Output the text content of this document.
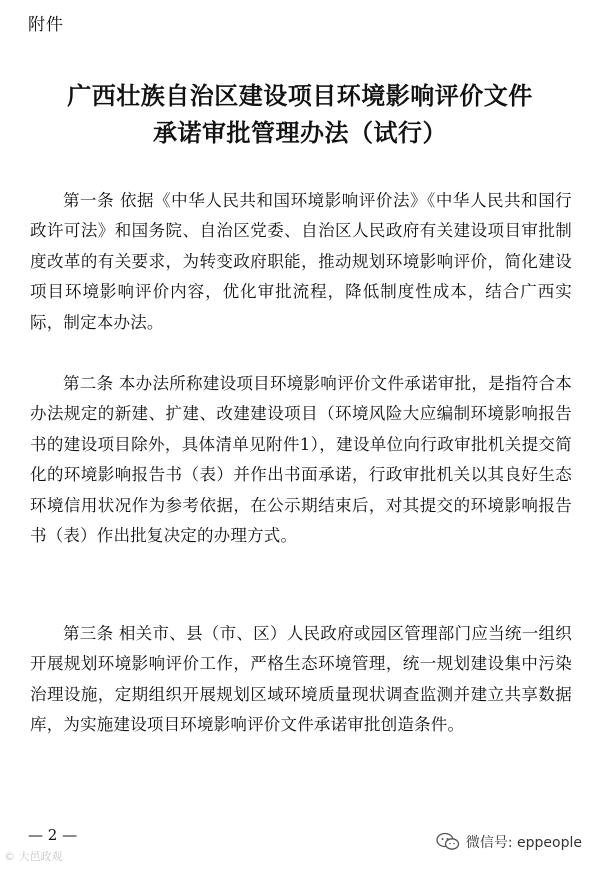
附件
广西壮族自治区建设项目环境影响评价文件
承诺审批管理办法（试行）
第一条 依据《中华人民共和国环境影响评价法》《中华人民共和国行政许可法》和国务院、自治区党委、自治区人民政府有关建设项目审批制度改革的有关要求，为转变政府职能，推动规划环境影响评价，简化建设项目环境影响评价内容，优化审批流程，降低制度性成本，结合广西实际，制定本办法。
第二条 本办法所称建设项目环境影响评价文件承诺审批，是指符合本办法规定的新建、扩建、改建建设项目（环境风险大应编制环境影响报告书的建设项目除外，具体清单见附件1），建设单位向行政审批机关提交简化的环境影响报告书（表）并作出书面承诺，行政审批机关以其良好生态环境信用状况作为参考依据，在公示期结束后，对其提交的环境影响报告书（表）作出批复决定的办理方式。
第三条 相关市、县（市、区）人民政府或园区管理部门应当统一组织开展规划环境影响评价工作，严格生态环境管理，统一规划建设集中污染治理设施，定期组织开展规划区域环境质量现状调查监测并建立共享数据库，为实施建设项目环境影响评价文件承诺审批创造条件。
— 2 —	微信号: eppeople
© 大邑政观
